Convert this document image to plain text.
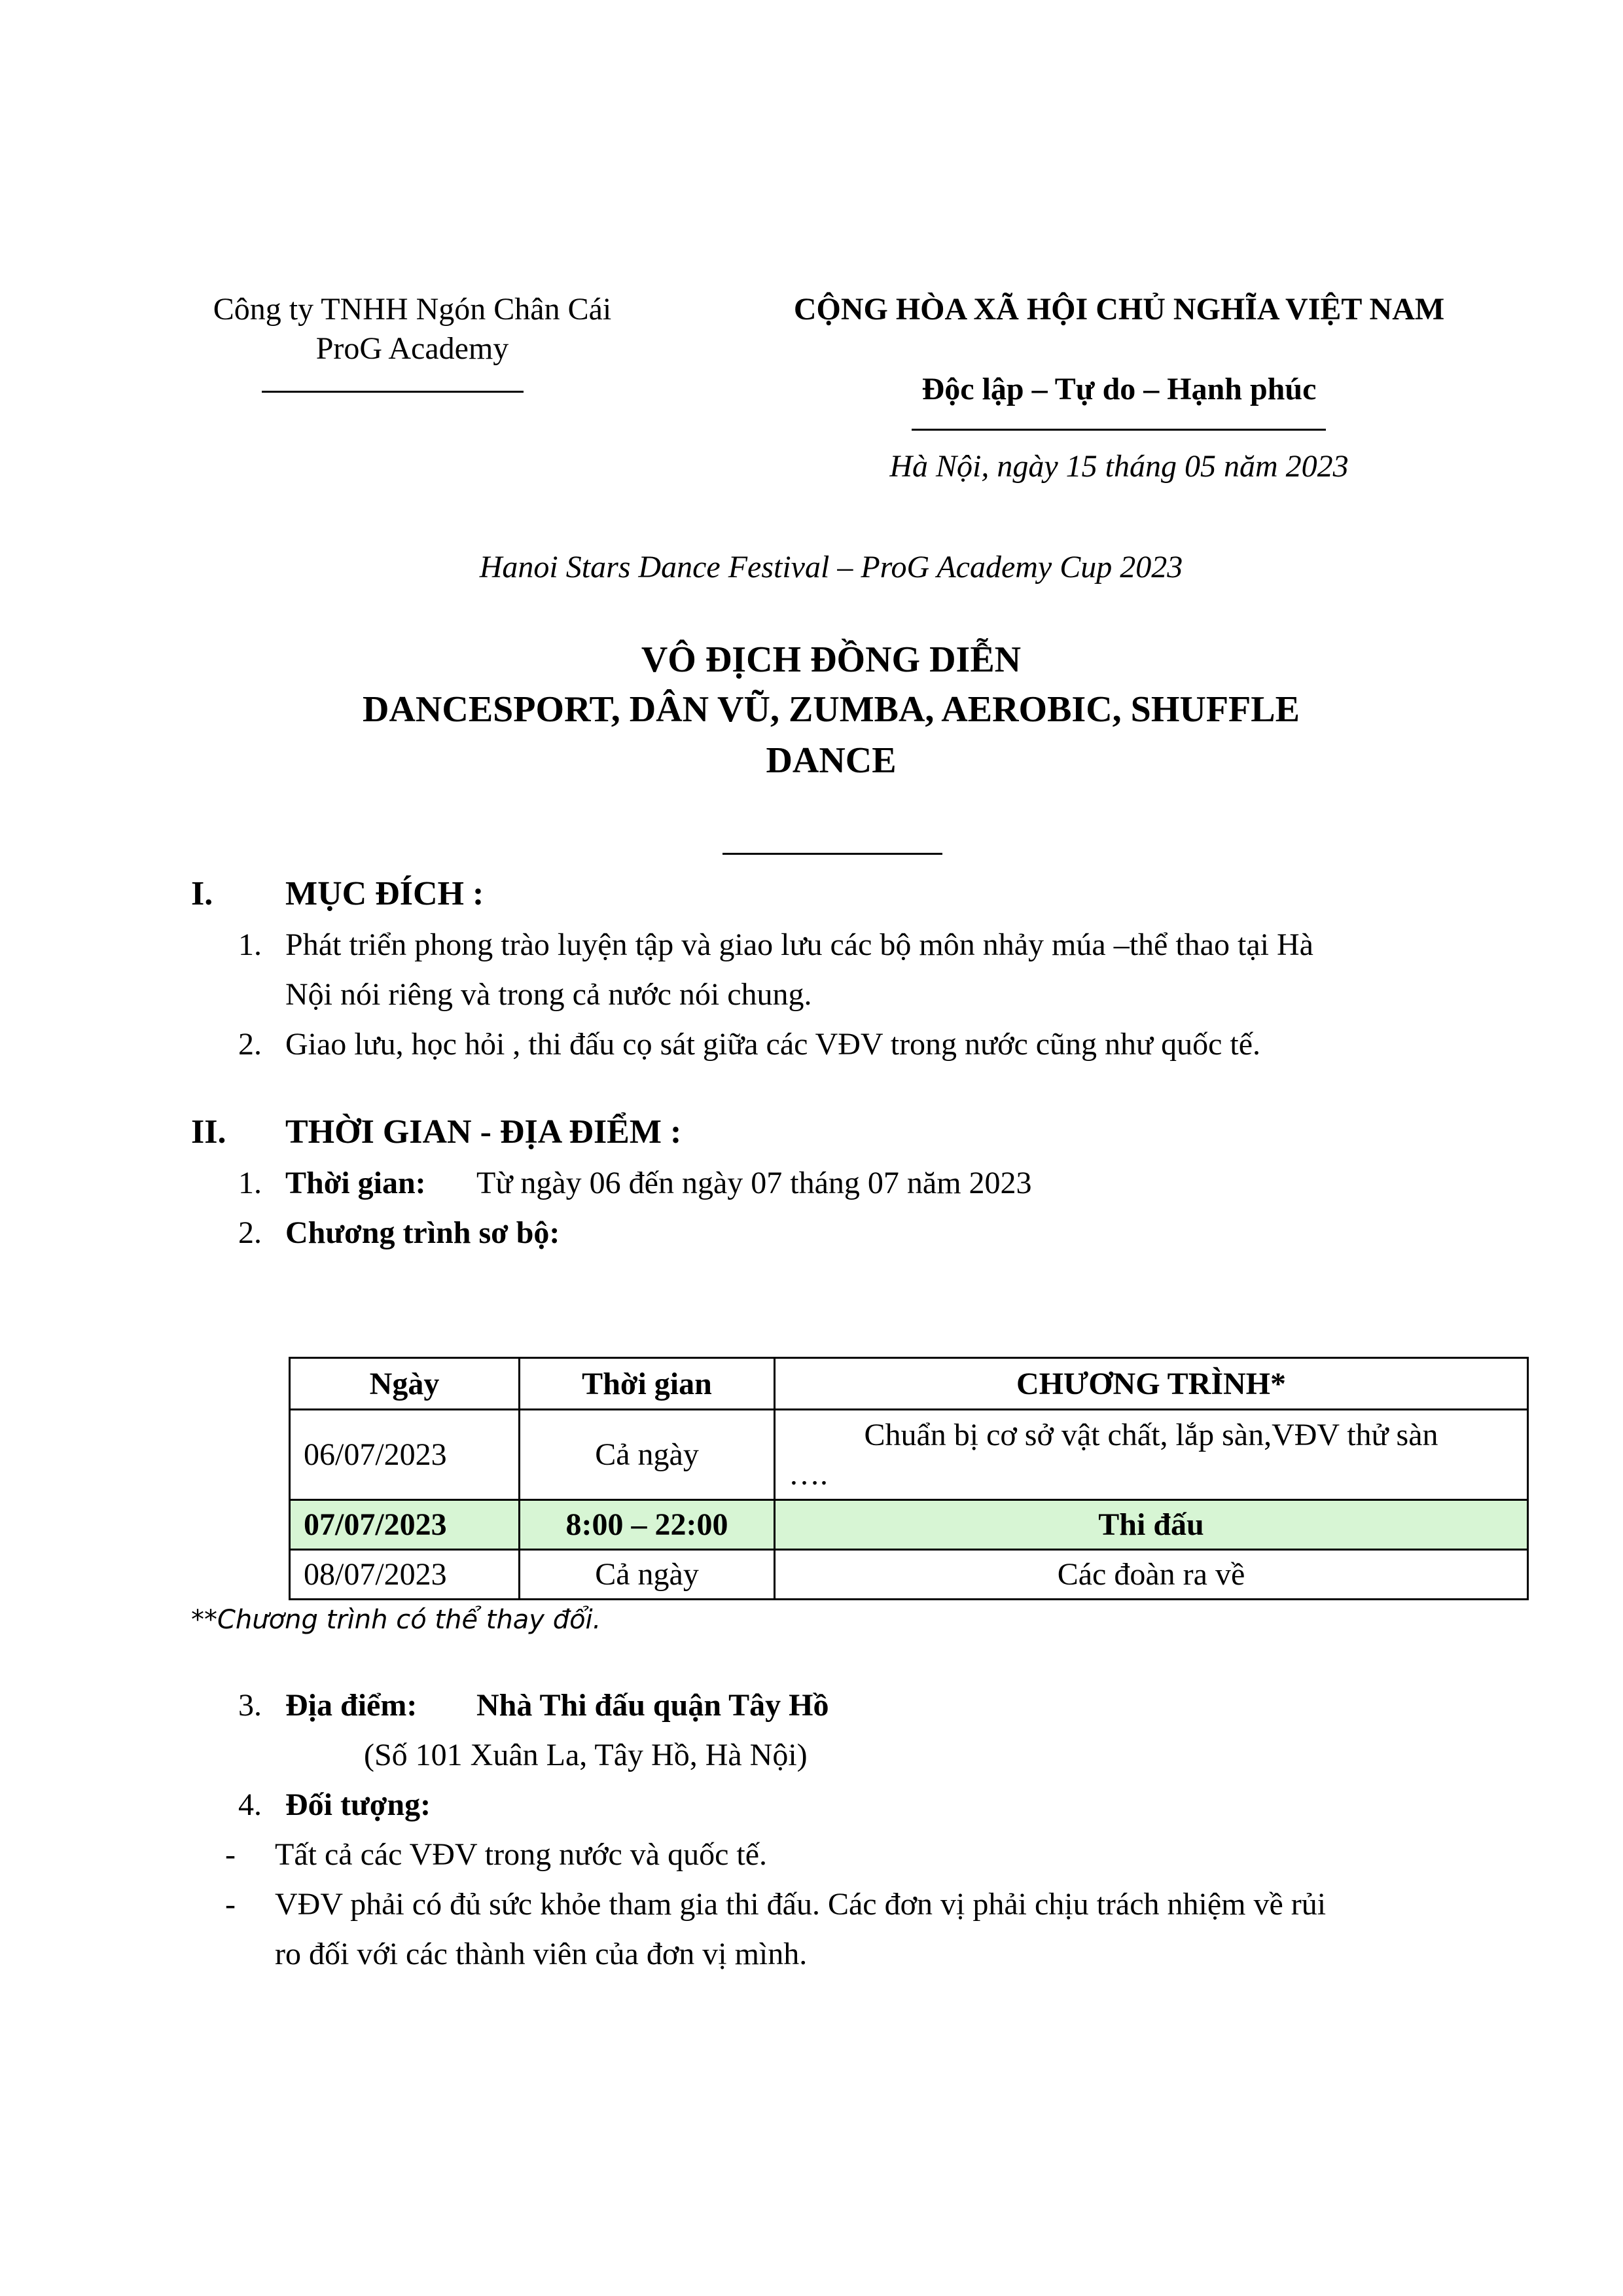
Công ty TNHH Ngón Chân Cái
ProG Academy
CỘNG HÒA XÃ HỘI CHỦ NGHĨA VIỆT NAM
Độc lập – Tự do – Hạnh phúc
Hà Nội, ngày 15 tháng 05 năm 2023
Hanoi Stars Dance Festival – ProG Academy Cup 2023
VÔ ĐỊCH ĐỒNG DIỄN
DANCESPORT, DÂN VŨ, ZUMBA, AEROBIC, SHUFFLE
DANCE
I. MỤC ĐÍCH :
1. Phát triển phong trào luyện tập và giao lưu các bộ môn nhảy múa –thể thao tại Hà
Nội nói riêng và trong cả nước nói chung.
2. Giao lưu, học hỏi , thi đấu cọ sát giữa các VĐV trong nước cũng như quốc tế.
II. THỜI GIAN - ĐỊA ĐIỂM :
1. Thời gian: Từ ngày 06 đến ngày 07 tháng 07 năm 2023
2. Chương trình sơ bộ:
Ngày	Thời gian	CHƯƠNG TRÌNH*
06/07/2023	Cả ngày	Chuẩn bị cơ sở vật chất, lắp sàn,VĐV thử sàn
….

07/07/2023	8:00 – 22:00	Thi đấu
08/07/2023	Cả ngày	Các đoàn ra về
**Chương trình có thể thay đổi.
3. Địa điểm: Nhà Thi đấu quận Tây Hồ
(Số 101 Xuân La, Tây Hồ, Hà Nội)
4. Đối tượng:
- Tất cả các VĐV trong nước và quốc tế.
- VĐV phải có đủ sức khỏe tham gia thi đấu. Các đơn vị phải chịu trách nhiệm về rủi
ro đối với các thành viên của đơn vị mình.
